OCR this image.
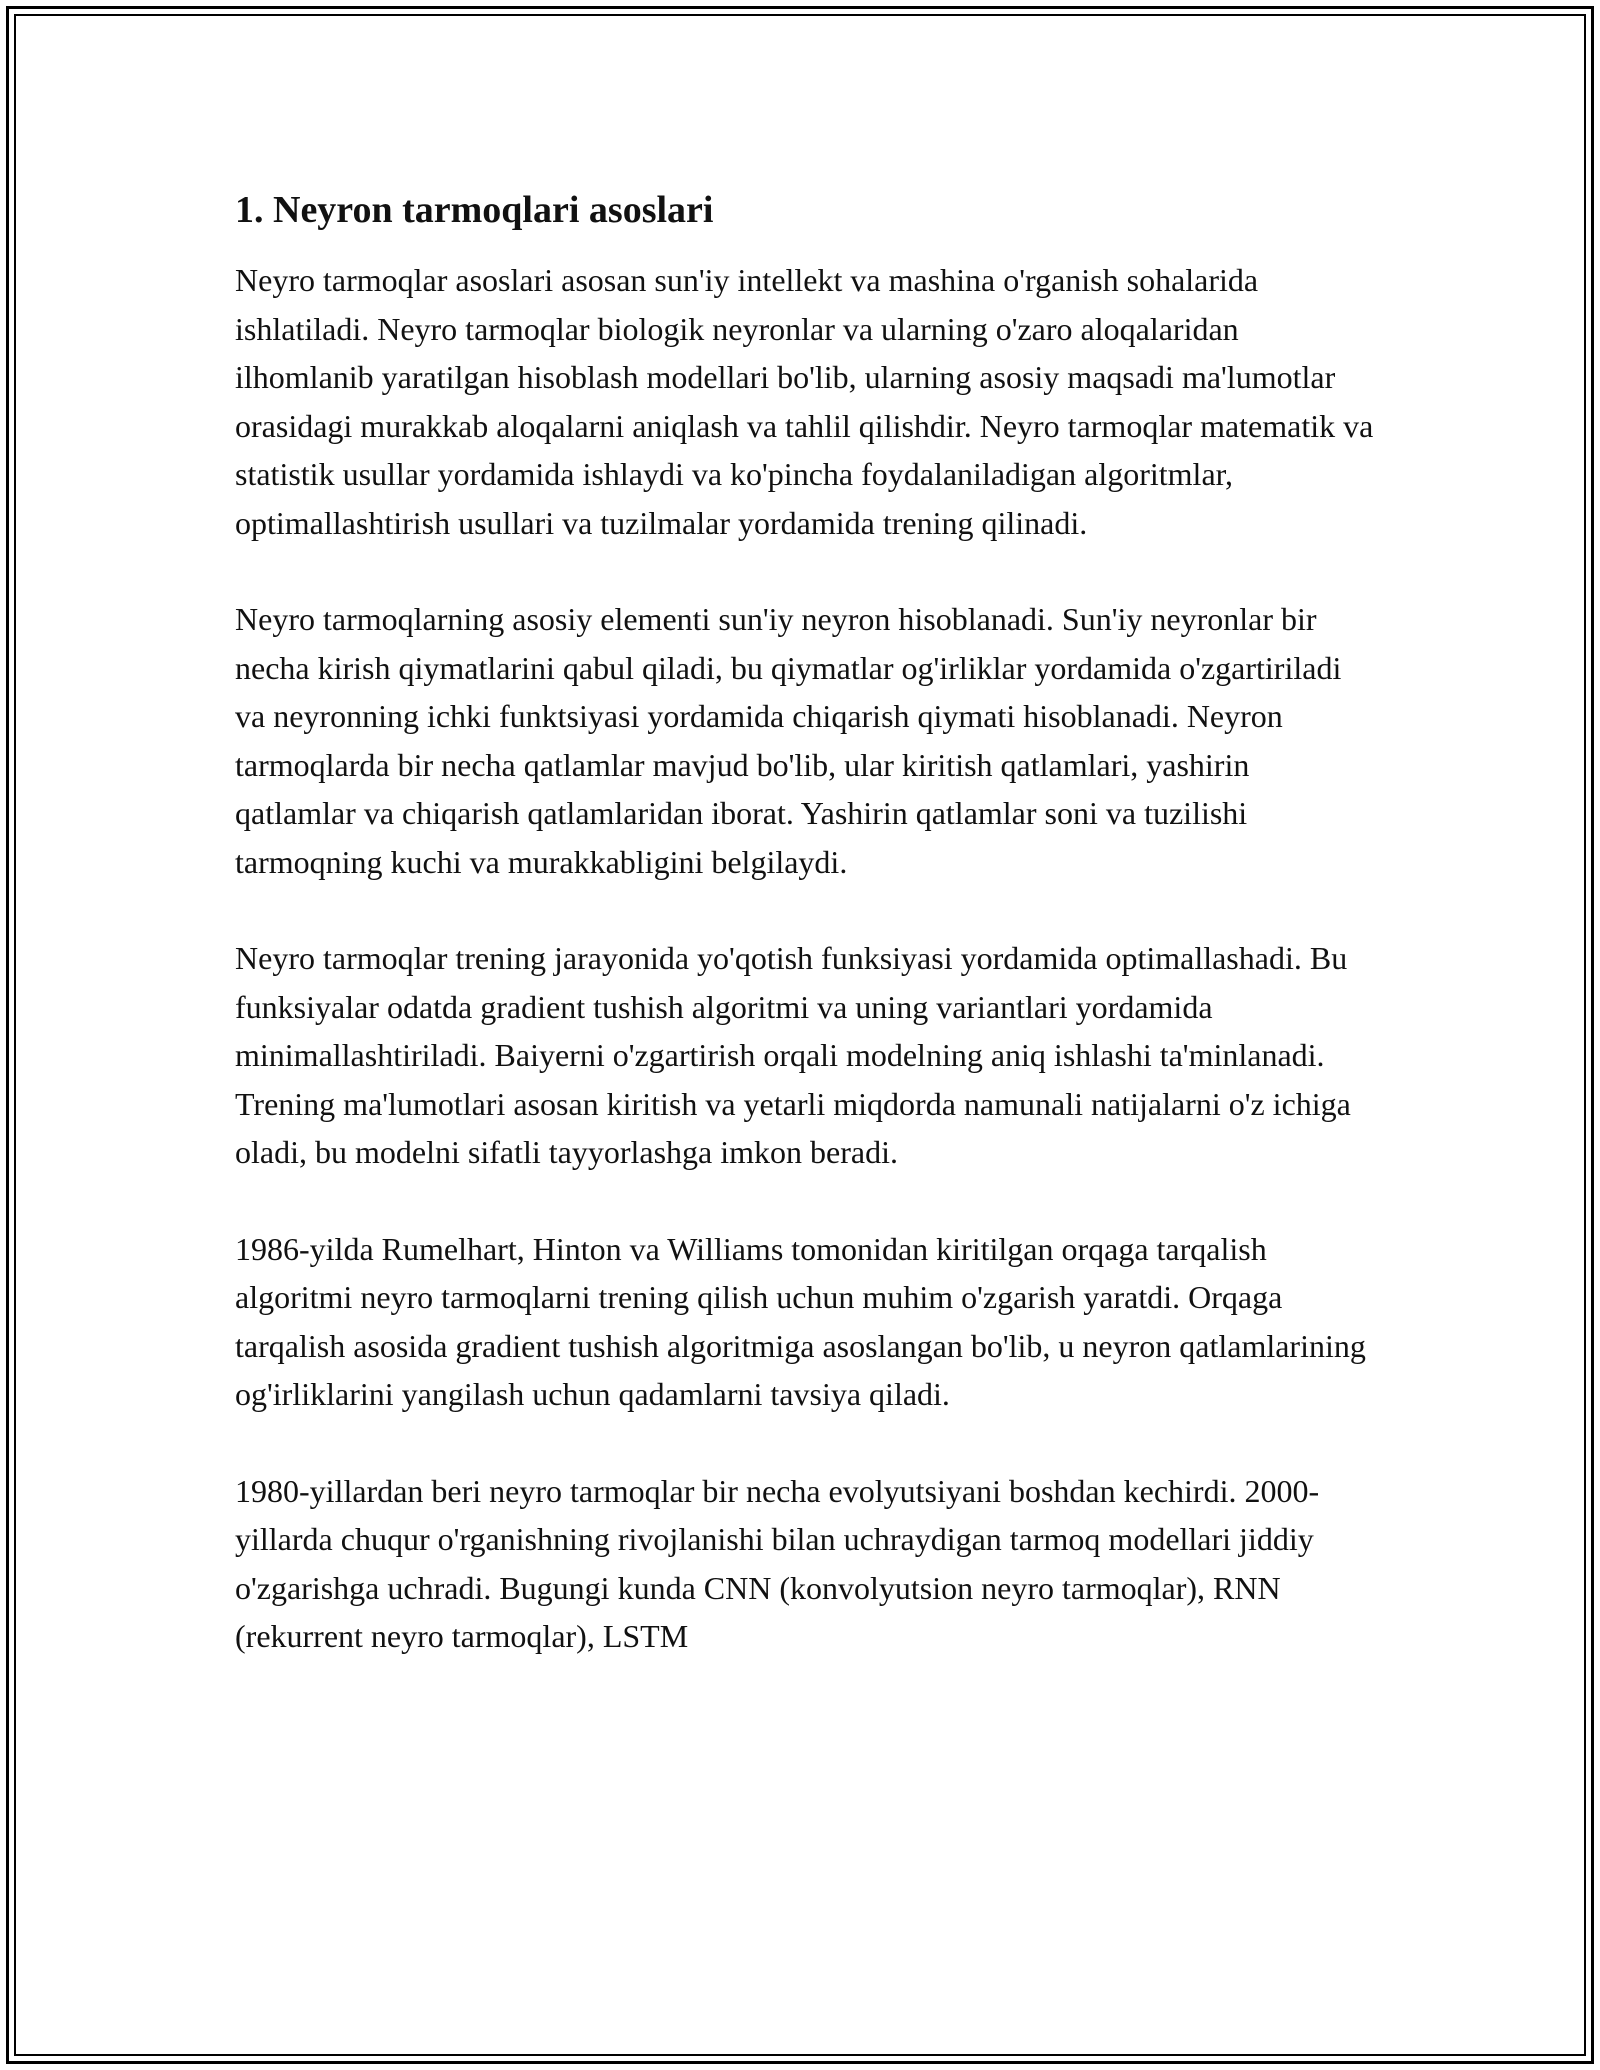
1. Neyron tarmoqlari asoslari

Neyro tarmoqlar asoslari asosan sun'iy intellekt va mashina o'rganish sohalarida ishlatiladi. Neyro tarmoqlar biologik neyronlar va ularning o'zaro aloqalaridan ilhomlanib yaratilgan hisoblash modellari bo'lib, ularning asosiy maqsadi ma'lumotlar orasidagi murakkab aloqalarni aniqlash va tahlil qilishdir. Neyro tarmoqlar matematik va statistik usullar yordamida ishlaydi va ko'pincha foydalaniladigan algoritmlar, optimallashtirish usullari va tuzilmalar yordamida trening qilinadi.

Neyro tarmoqlarning asosiy elementi sun'iy neyron hisoblanadi. Sun'iy neyronlar bir necha kirish qiymatlarini qabul qiladi, bu qiymatlar og'irliklar yordamida o'zgartiriladi va neyronning ichki funktsiyasi yordamida chiqarish qiymati hisoblanadi. Neyron tarmoqlarda bir necha qatlamlar mavjud bo'lib, ular kiritish qatlamlari, yashirin qatlamlar va chiqarish qatlamlaridan iborat. Yashirin qatlamlar soni va tuzilishi tarmoqning kuchi va murakkabligini belgilaydi.

Neyro tarmoqlar trening jarayonida yo'qotish funksiyasi yordamida optimallashadi. Bu funksiyalar odatda gradient tushish algoritmi va uning variantlari yordamida minimallashtiriladi. Baiyerni o'zgartirish orqali modelning aniq ishlashi ta'minlanadi. Trening ma'lumotlari asosan kiritish va yetarli miqdorda namunali natijalarni o'z ichiga oladi, bu modelni sifatli tayyorlashga imkon beradi.

1986-yilda Rumelhart, Hinton va Williams tomonidan kiritilgan orqaga tarqalish algoritmi neyro tarmoqlarni trening qilish uchun muhim o'zgarish yaratdi. Orqaga tarqalish asosida gradient tushish algoritmiga asoslangan bo'lib, u neyron qatlamlarining og'irliklarini yangilash uchun qadamlarni tavsiya qiladi.

1980-yillardan beri neyro tarmoqlar bir necha evolyutsiyani boshdan kechirdi. 2000-yillarda chuqur o'rganishning rivojlanishi bilan uchraydigan tarmoq modellari jiddiy o'zgarishga uchradi. Bugungi kunda CNN (konvolyutsion neyro tarmoqlar), RNN (rekurrent neyro tarmoqlar), LSTM
